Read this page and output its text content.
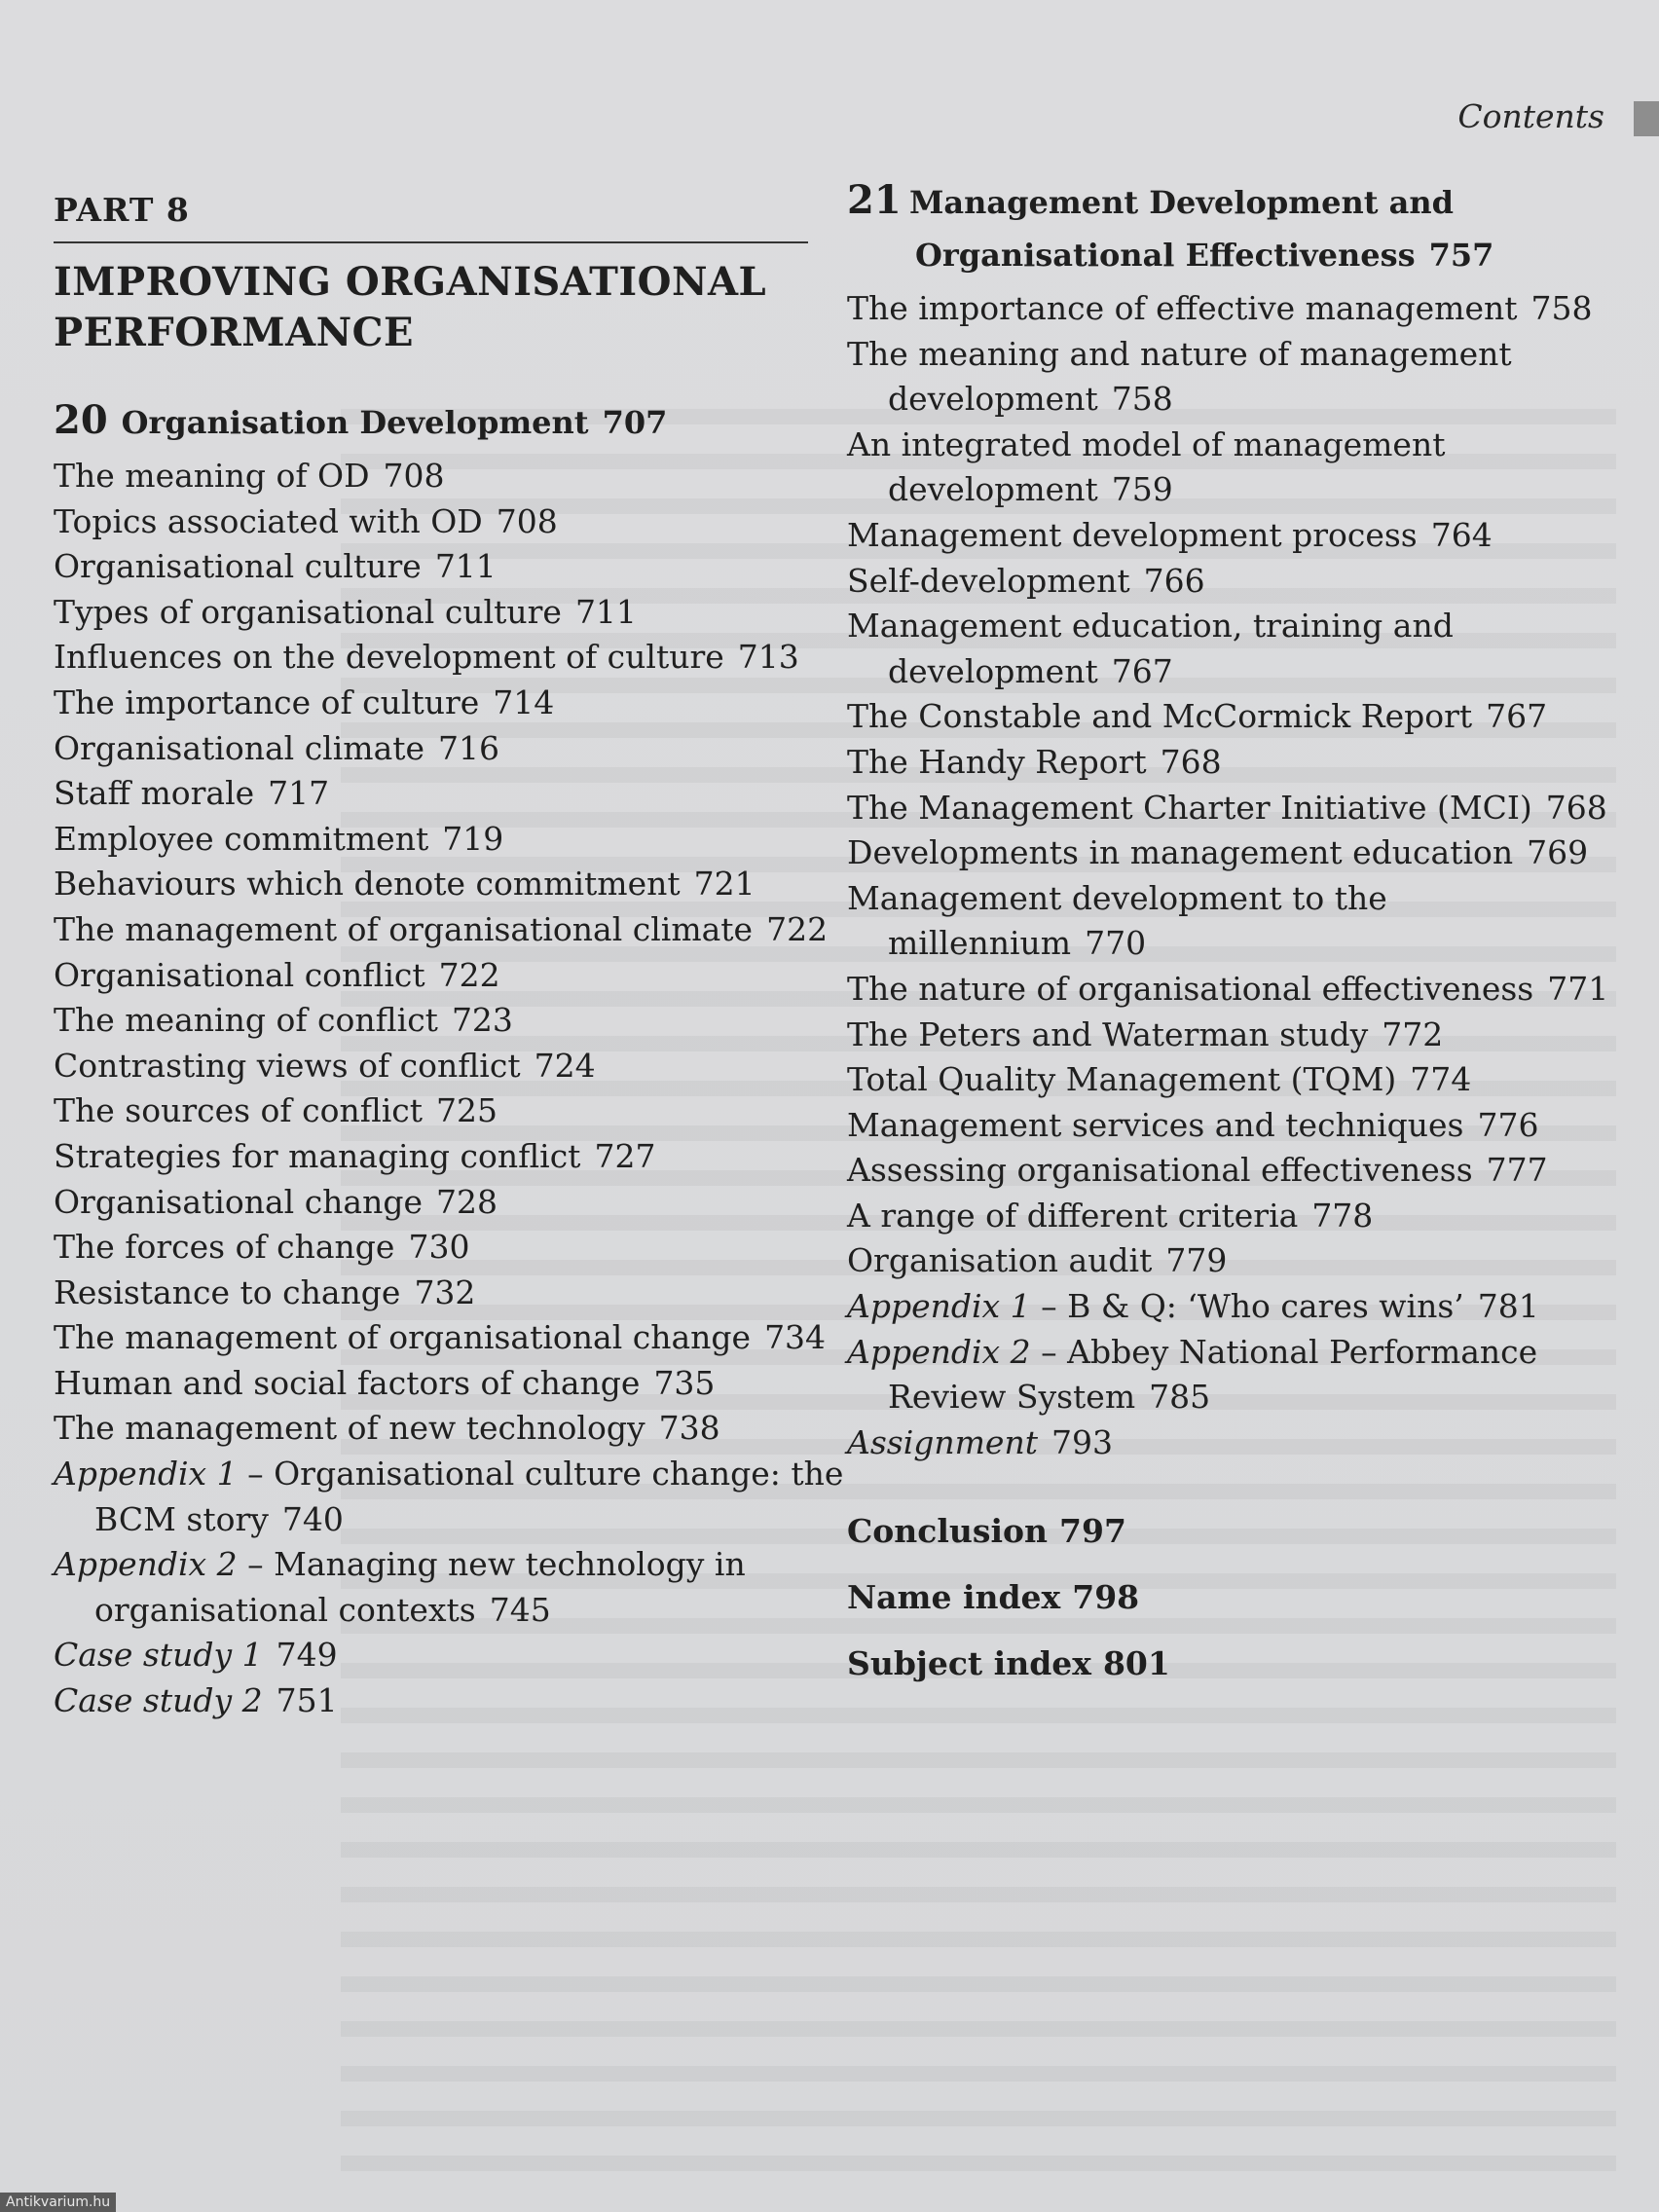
Contents
PART 8
IMPROVING ORGANISATIONAL
PERFORMANCE
20 Organisation Development 707
The meaning of OD 708
Topics associated with OD 708
Organisational culture 711
Types of organisational culture 711
Influences on the development of culture 713
The importance of culture 714
Organisational climate 716
Staff morale 717
Employee commitment 719
Behaviours which denote commitment 721
The management of organisational climate 722
Organisational conflict 722
The meaning of conflict 723
Contrasting views of conflict 724
The sources of conflict 725
Strategies for managing conflict 727
Organisational change 728
The forces of change 730
Resistance to change 732
The management of organisational change 734
Human and social factors of change 735
The management of new technology 738
Appendix 1 – Organisational culture change: the
BCM story 740
Appendix 2 – Managing new technology in
organisational contexts 745
Case study 1 749
Case study 2 751
21 Management Development and
Organisational Effectiveness 757
The importance of effective management 758
The meaning and nature of management
development 758
An integrated model of management
development 759
Management development process 764
Self-development 766
Management education, training and
development 767
The Constable and McCormick Report 767
The Handy Report 768
The Management Charter Initiative (MCI) 768
Developments in management education 769
Management development to the
millennium 770
The nature of organisational effectiveness 771
The Peters and Waterman study 772
Total Quality Management (TQM) 774
Management services and techniques 776
Assessing organisational effectiveness 777
A range of different criteria 778
Organisation audit 779
Appendix 1 – B & Q: ‘Who cares wins’ 781
Appendix 2 – Abbey National Performance
Review System 785
Assignment 793
Conclusion 797
Name index 798
Subject index 801
Antikvarium.hu
